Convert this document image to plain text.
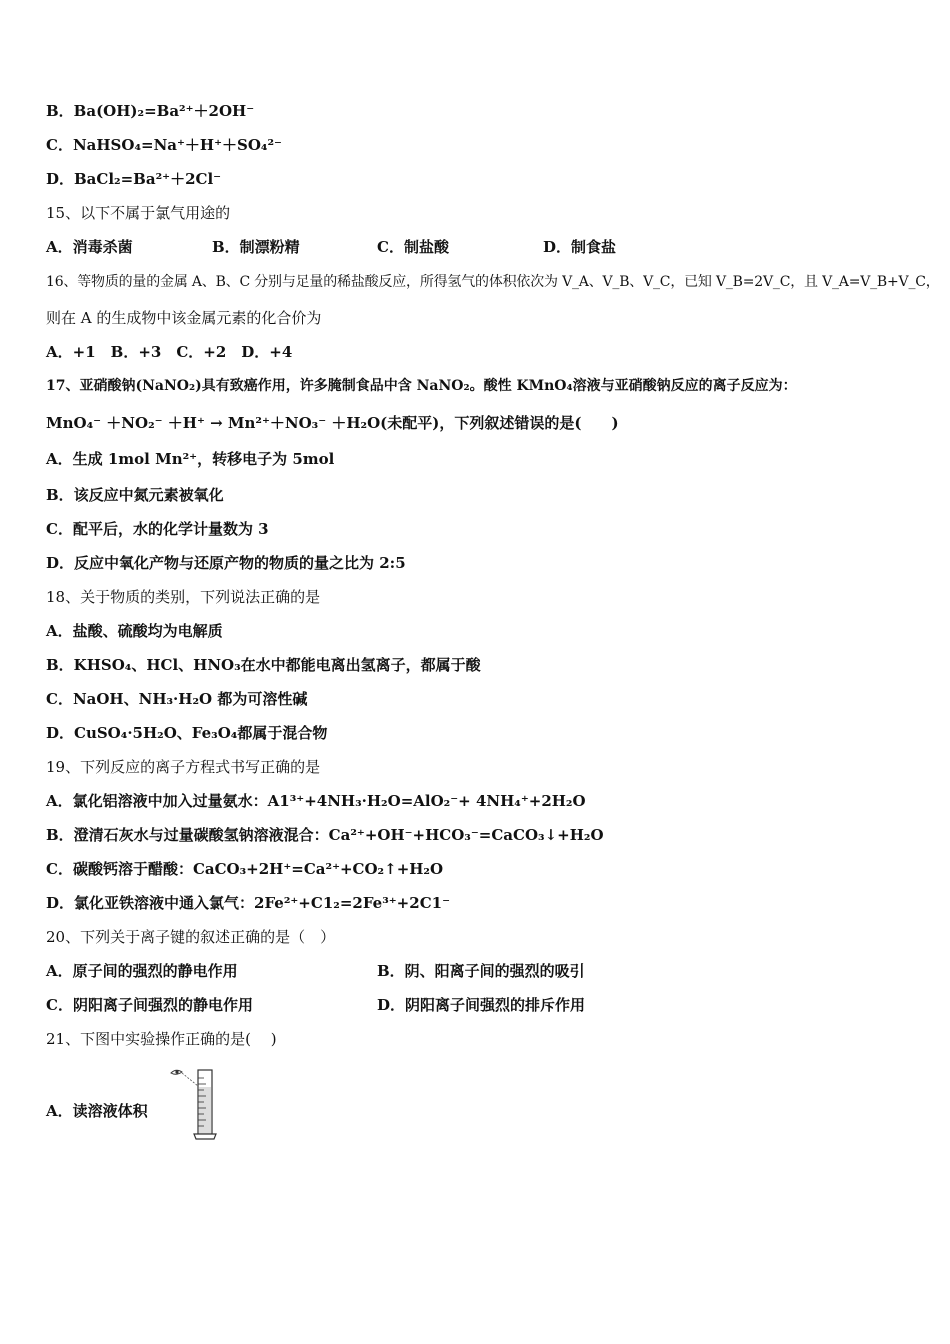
B．Ba(OH)₂=Ba²⁺＋2OH⁻
C．NaHSO₄=Na⁺＋H⁺＋SO₄²⁻
D．BaCl₂=Ba²⁺＋2Cl⁻
15、以下不属于氯气用途的
A．消毒杀菌	B．制漂粉精	C．制盐酸	D．制食盐
16、等物质的量的金属 A、B、C 分别与足量的稀盐酸反应，所得氢气的体积依次为 V_A、V_B、V_C，已知 V_B=2V_C，且 V_A=V_B+V_C，
则在 A 的生成物中该金属元素的化合价为
A．+1　B．+3　C．+2　D．+4
17、亚硝酸钠(NaNO₂)具有致癌作用，许多腌制食品中含 NaNO₂。酸性 KMnO₄溶液与亚硝酸钠反应的离子反应为：
MnO₄⁻ ＋NO₂⁻ ＋H⁺ → Mn²⁺＋NO₃⁻ ＋H₂O(未配平)，下列叙述错误的是(　　)
A．生成 1mol Mn²⁺，转移电子为 5mol
B．该反应中氮元素被氧化
C．配平后，水的化学计量数为 3
D．反应中氧化产物与还原产物的物质的量之比为 2:5
18、关于物质的类别，下列说法正确的是
A．盐酸、硫酸均为电解质
B．KHSO₄、HCl、HNO₃在水中都能电离出氢离子，都属于酸
C．NaOH、NH₃·H₂O 都为可溶性碱
D．CuSO₄·5H₂O、Fe₃O₄都属于混合物
19、下列反应的离子方程式书写正确的是
A．氯化铝溶液中加入过量氨水：A1³⁺+4NH₃·H₂O=AlO₂⁻+ 4NH₄⁺+2H₂O
B．澄清石灰水与过量碳酸氢钠溶液混合：Ca²⁺+OH⁻+HCO₃⁻=CaCO₃↓+H₂O
C．碳酸钙溶于醋酸：CaCO₃+2H⁺=Ca²⁺+CO₂↑+H₂O
D．氯化亚铁溶液中通入氯气：2Fe²⁺+C1₂=2Fe³⁺+2C1⁻
20、下列关于离子键的叙述正确的是（　）
A．原子间的强烈的静电作用	B．阴、阳离子间的强烈的吸引
C．阴阳离子间强烈的静电作用	D．阴阳离子间强烈的排斥作用
21、下图中实验操作正确的是(　 )
A．读溶液体积
